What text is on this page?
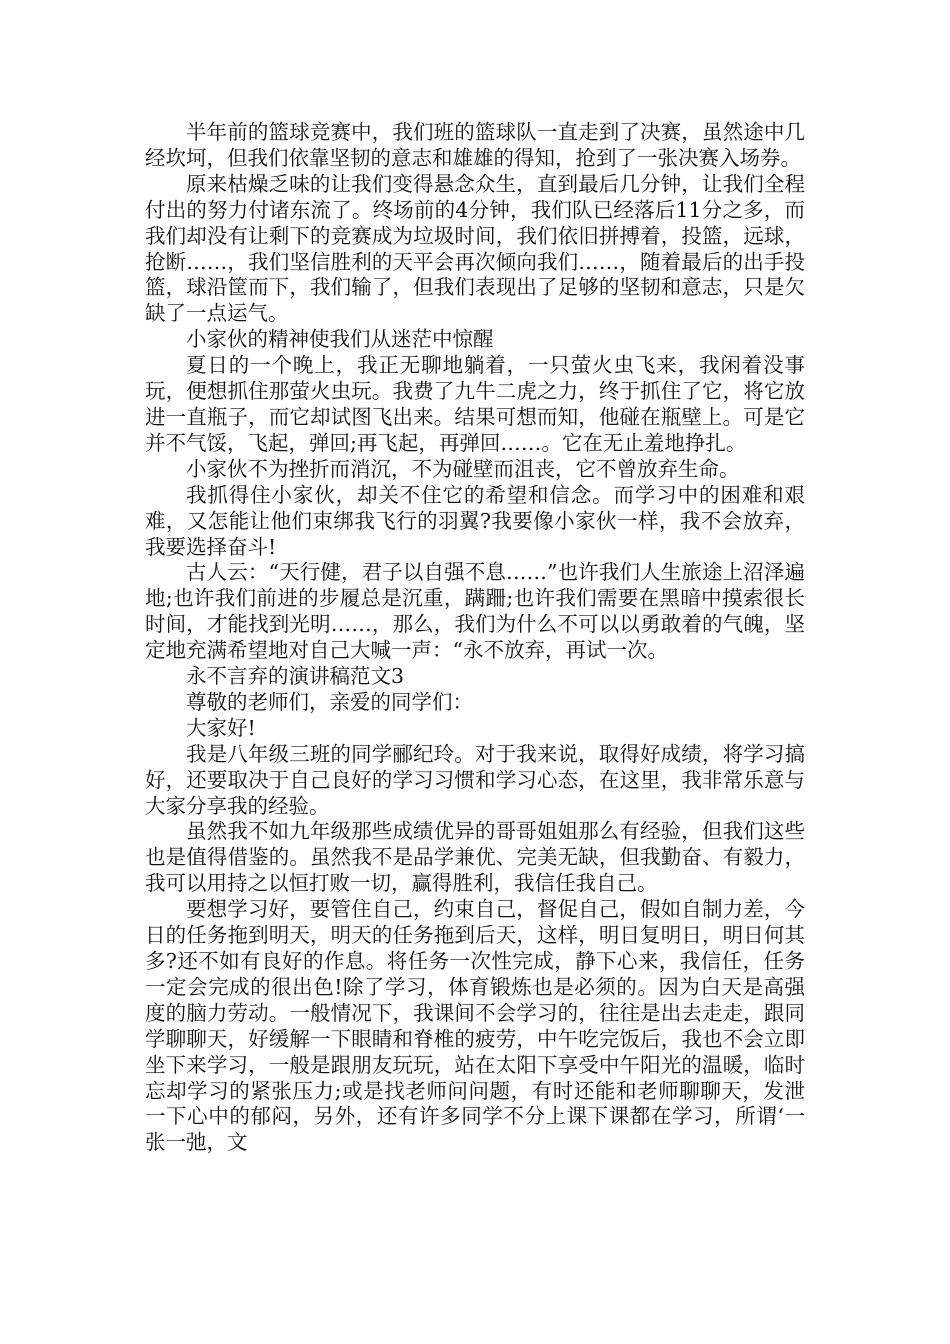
半年前的篮球竞赛中，我们班的篮球队一直走到了决赛，虽然途中几经坎坷，但我们依靠坚韧的意志和雄雄的得知，抢到了一张决赛入场券。

原来枯燥乏味的让我们变得悬念众生，直到最后几分钟，让我们全程付出的努力付诸东流了。终场前的4分钟，我们队已经落后11分之多，而我们却没有让剩下的竞赛成为垃圾时间，我们依旧拼搏着，投篮，远球，抢断……，我们坚信胜利的天平会再次倾向我们……，随着最后的出手投篮，球沿筐而下，我们输了，但我们表现出了足够的坚韧和意志，只是欠缺了一点运气。

小家伙的精神使我们从迷茫中惊醒

夏日的一个晚上，我正无聊地躺着，一只萤火虫飞来，我闲着没事玩，便想抓住那萤火虫玩。我费了九牛二虎之力，终于抓住了它，将它放进一直瓶子，而它却试图飞出来。结果可想而知，他碰在瓶壁上。可是它并不气馁，飞起，弹回;再飞起，再弹回……。它在无止羞地挣扎。

小家伙不为挫折而消沉，不为碰壁而沮丧，它不曾放弃生命。

我抓得住小家伙，却关不住它的希望和信念。而学习中的困难和艰难，又怎能让他们束绑我飞行的羽翼?我要像小家伙一样，我不会放弃，我要选择奋斗!

古人云：“天行健，君子以自强不息……”也许我们人生旅途上沼泽遍地;也许我们前进的步履总是沉重，蹒跚;也许我们需要在黑暗中摸索很长时间，才能找到光明……，那么，我们为什么不可以以勇敢着的气魄，坚定地充满希望地对自己大喊一声：“永不放弃，再试一次。

永不言弃的演讲稿范文3

尊敬的老师们，亲爱的同学们：

大家好!

我是八年级三班的同学郦纪玲。对于我来说，取得好成绩，将学习搞好，还要取决于自己良好的学习习惯和学习心态，在这里，我非常乐意与大家分享我的经验。

虽然我不如九年级那些成绩优异的哥哥姐姐那么有经验，但我们这些也是值得借鉴的。虽然我不是品学兼优、完美无缺，但我勤奋、有毅力，我可以用持之以恒打败一切，赢得胜利，我信任我自己。

要想学习好，要管住自己，约束自己，督促自己，假如自制力差，今日的任务拖到明天，明天的任务拖到后天，这样，明日复明日，明日何其多?还不如有良好的作息。将任务一次性完成，静下心来，我信任，任务一定会完成的很出色!除了学习，体育锻炼也是必须的。因为白天是高强度的脑力劳动。一般情况下，我课间不会学习的，往往是出去走走，跟同学聊聊天，好缓解一下眼睛和脊椎的疲劳，中午吃完饭后，我也不会立即坐下来学习，一般是跟朋友玩玩，站在太阳下享受中午阳光的温暖，临时忘却学习的紧张压力;或是找老师问问题，有时还能和老师聊聊天，发泄一下心中的郁闷，另外，还有许多同学不分上课下课都在学习，所谓‘一张一弛，文
